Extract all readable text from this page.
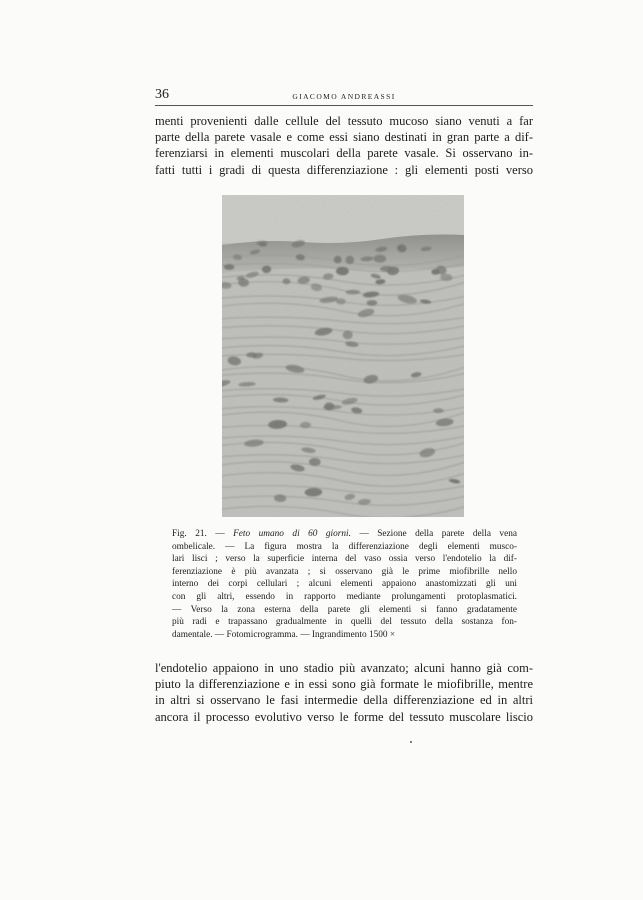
36	GIACOMO ANDREASSI

menti provenienti dalle cellule del tessuto mucoso siano venuti a far
parte della parete vasale e come essi siano destinati in gran parte a dif-
ferenziarsi in elementi muscolari della parete vasale. Si osservano in-
fatti tutti i gradi di questa differenziazione : gli elementi posti verso

Fig. 21. — Feto umano di 60 giorni. — Sezione della parete della vena
ombelicale. — La figura mostra la differenziazione degli elementi musco-
lari lisci ; verso la superficie interna del vaso ossia verso l'endotelio la dif-
ferenziazione è più avanzata ; si osservano già le prime miofibrille nello
interno dei corpi cellulari ; alcuni elementi appaiono anastomizzati gli uni
con gli altri, essendo in rapporto mediante prolungamenti protoplasmatici.
— Verso la zona esterna della parete gli elementi si fanno gradatamente
più radi e trapassano gradualmente in quelli del tessuto della sostanza fon-
damentale. — Fotomicrogramma. — Ingrandimento 1500 ×

l'endotelio appaiono in uno stadio più avanzato; alcuni hanno già com-
piuto la differenziazione e in essi sono già formate le miofibrille, mentre
in altri si osservano le fasi intermedie della differenziazione ed in altri
ancora il processo evolutivo verso le forme del tessuto muscolare liscio
